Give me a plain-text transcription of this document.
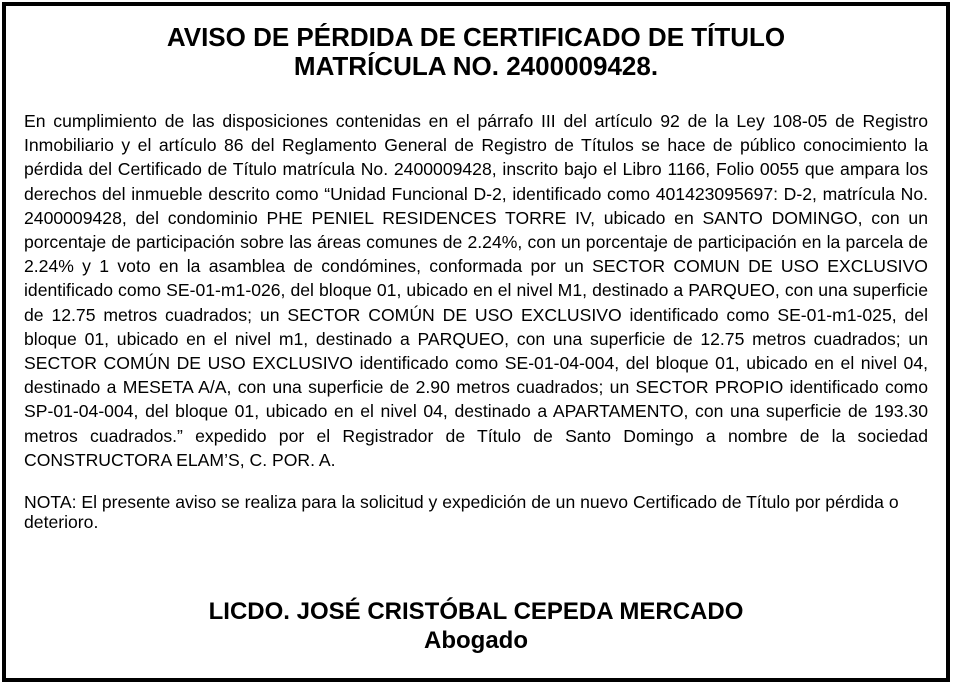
AVISO DE PÉRDIDA DE CERTIFICADO DE TÍTULO
MATRÍCULA NO. 2400009428.

En cumplimiento de las disposiciones contenidas en el párrafo III del artículo 92 de la Ley 108-05 de Registro Inmobiliario y el artículo 86 del Reglamento General de Registro de Títulos se hace de público conocimiento la pérdida del Certificado de Título matrícula No. 2400009428, inscrito bajo el Libro 1166, Folio 0055 que ampara los derechos del inmueble descrito como “Unidad Funcional D-2, identificado como 401423095697: D-2, matrícula No. 2400009428, del condominio PHE PENIEL RESIDENCES TORRE IV, ubicado en SANTO DOMINGO, con un porcentaje de participación sobre las áreas comunes de 2.24%, con un porcentaje de participación en la parcela de 2.24% y 1 voto en la asamblea de condómines, conformada por un SECTOR COMUN DE USO EXCLUSIVO identificado como SE-01-m1-026, del bloque 01, ubicado en el nivel M1, destinado a PARQUEO, con una superficie de 12.75 metros cuadrados; un SECTOR COMÚN DE USO EXCLUSIVO identificado como SE-01-m1-025, del bloque 01, ubicado en el nivel m1, destinado a PARQUEO, con una superficie de 12.75 metros cuadrados; un SECTOR COMÚN DE USO EXCLUSIVO identificado como SE-01-04-004, del bloque 01, ubicado en el nivel 04, destinado a MESETA A/A, con una superficie de 2.90 metros cuadrados; un SECTOR PROPIO identificado como SP-01-04-004, del bloque 01, ubicado en el nivel 04, destinado a APARTAMENTO, con una superficie de 193.30 metros cuadrados.” expedido por el Registrador de Título de Santo Domingo a nombre de la sociedad CONSTRUCTORA ELAM’S, C. POR. A.

NOTA: El presente aviso se realiza para la solicitud y expedición de un nuevo Certificado de Título por pérdida o deterioro.

LICDO. JOSÉ CRISTÓBAL CEPEDA MERCADO
Abogado
